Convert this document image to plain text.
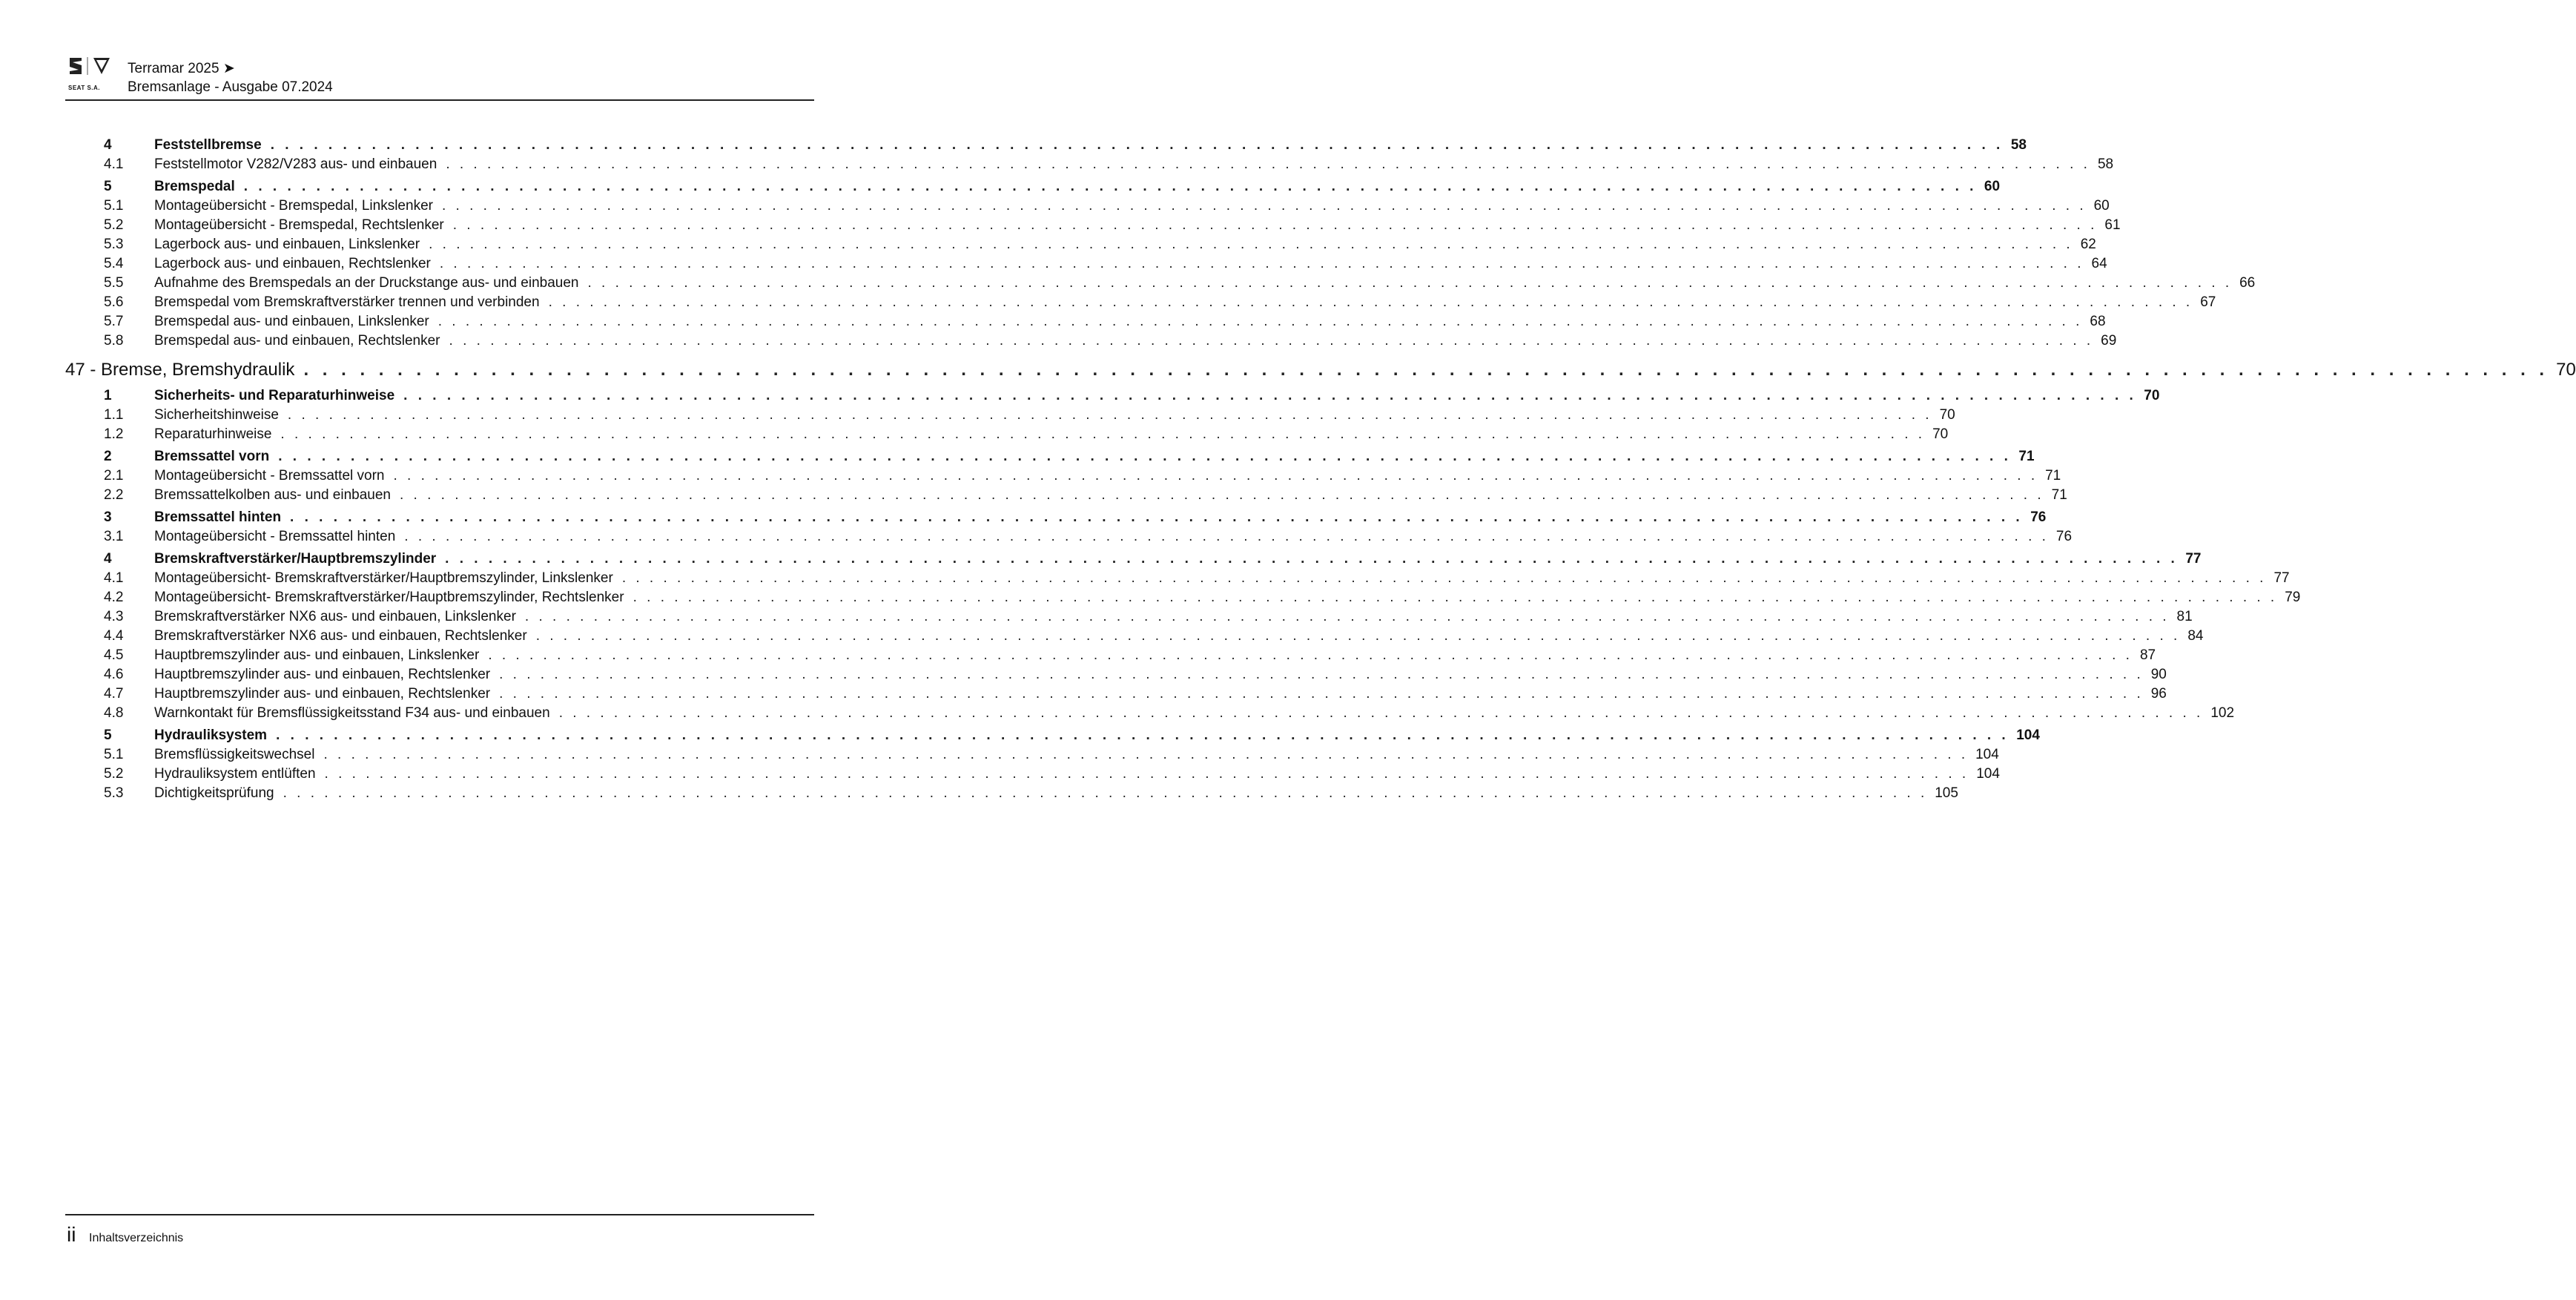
SEAT S.A.
Terramar 2025 ➤
Bremsanlage - Ausgabe 07.2024
4	Feststellbremse . . . . . . . . . . . . . . . . . . . . . . . . . . . . . . . . . . . . . . . . . . . . . . . . . . . . . . . . . . . . . . . . . . . . . . . . . . . . . . . . . . . . . . . . . . . . . . . . . . . . . . . . . . . . . . . . . . . . . . . . 58
4.1	Feststellmotor V282/V283 aus- und einbauen . . . . . . . . . . . . . . . . . . . . . . . . . . . . . . . . . . . . . . . . . . . . . . . . . . . . . . . . . . . . . . . . . . . . . . . . . . . . . . . . . . . . . . . . . . . . . . . . . . . . . . . . . . . . . . . . . . . . . . . . 58
5	Bremspedal . . . . . . . . . . . . . . . . . . . . . . . . . . . . . . . . . . . . . . . . . . . . . . . . . . . . . . . . . . . . . . . . . . . . . . . . . . . . . . . . . . . . . . . . . . . . . . . . . . . . . . . . . . . . . . . . . . . . . . . . 60
5.1	Montageübersicht - Bremspedal, Linkslenker . . . . . . . . . . . . . . . . . . . . . . . . . . . . . . . . . . . . . . . . . . . . . . . . . . . . . . . . . . . . . . . . . . . . . . . . . . . . . . . . . . . . . . . . . . . . . . . . . . . . . . . . . . . . . . . . . . . . . . . . 60
5.2	Montageübersicht - Bremspedal, Rechtslenker . . . . . . . . . . . . . . . . . . . . . . . . . . . . . . . . . . . . . . . . . . . . . . . . . . . . . . . . . . . . . . . . . . . . . . . . . . . . . . . . . . . . . . . . . . . . . . . . . . . . . . . . . . . . . . . . . . . . . . . . 61
5.3	Lagerbock aus- und einbauen, Linkslenker . . . . . . . . . . . . . . . . . . . . . . . . . . . . . . . . . . . . . . . . . . . . . . . . . . . . . . . . . . . . . . . . . . . . . . . . . . . . . . . . . . . . . . . . . . . . . . . . . . . . . . . . . . . . . . . . . . . . . . . . 62
5.4	Lagerbock aus- und einbauen, Rechtslenker . . . . . . . . . . . . . . . . . . . . . . . . . . . . . . . . . . . . . . . . . . . . . . . . . . . . . . . . . . . . . . . . . . . . . . . . . . . . . . . . . . . . . . . . . . . . . . . . . . . . . . . . . . . . . . . . . . . . . . . . 64
5.5	Aufnahme des Bremspedals an der Druckstange aus- und einbauen . . . . . . . . . . . . . . . . . . . . . . . . . . . . . . . . . . . . . . . . . . . . . . . . . . . . . . . . . . . . . . . . . . . . . . . . . . . . . . . . . . . . . . . . . . . . . . . . . . . . . . . . . . . . . . . . . . . . . . . . 66
5.6	Bremspedal vom Bremskraftverstärker trennen und verbinden . . . . . . . . . . . . . . . . . . . . . . . . . . . . . . . . . . . . . . . . . . . . . . . . . . . . . . . . . . . . . . . . . . . . . . . . . . . . . . . . . . . . . . . . . . . . . . . . . . . . . . . . . . . . . . . . . . . . . . . . 67
5.7	Bremspedal aus- und einbauen, Linkslenker . . . . . . . . . . . . . . . . . . . . . . . . . . . . . . . . . . . . . . . . . . . . . . . . . . . . . . . . . . . . . . . . . . . . . . . . . . . . . . . . . . . . . . . . . . . . . . . . . . . . . . . . . . . . . . . . . . . . . . . . 68
5.8	Bremspedal aus- und einbauen, Rechtslenker . . . . . . . . . . . . . . . . . . . . . . . . . . . . . . . . . . . . . . . . . . . . . . . . . . . . . . . . . . . . . . . . . . . . . . . . . . . . . . . . . . . . . . . . . . . . . . . . . . . . . . . . . . . . . . . . . . . . . . . . 69
47 - Bremse, Bremshydraulik . . . . . . . . . . . . . . . . . . . . . . . . . . . . . . . . . . . . . . . . . . . . . . . . . . . . . . . . . . . . . . . . . . . . . . . . . . . . . . . . . . . . . . . . . . . . . . . . . . . . . . . . . . . . . . . . . . . . . . . . 70
1	Sicherheits- und Reparaturhinweise . . . . . . . . . . . . . . . . . . . . . . . . . . . . . . . . . . . . . . . . . . . . . . . . . . . . . . . . . . . . . . . . . . . . . . . . . . . . . . . . . . . . . . . . . . . . . . . . . . . . . . . . . . . . . . . . . . . . . . . . 70
1.1	Sicherheitshinweise . . . . . . . . . . . . . . . . . . . . . . . . . . . . . . . . . . . . . . . . . . . . . . . . . . . . . . . . . . . . . . . . . . . . . . . . . . . . . . . . . . . . . . . . . . . . . . . . . . . . . . . . . . . . . . . . . . . . . . . . 70
1.2	Reparaturhinweise . . . . . . . . . . . . . . . . . . . . . . . . . . . . . . . . . . . . . . . . . . . . . . . . . . . . . . . . . . . . . . . . . . . . . . . . . . . . . . . . . . . . . . . . . . . . . . . . . . . . . . . . . . . . . . . . . . . . . . . . 70
2	Bremssattel vorn . . . . . . . . . . . . . . . . . . . . . . . . . . . . . . . . . . . . . . . . . . . . . . . . . . . . . . . . . . . . . . . . . . . . . . . . . . . . . . . . . . . . . . . . . . . . . . . . . . . . . . . . . . . . . . . . . . . . . . . . 71
2.1	Montageübersicht - Bremssattel vorn . . . . . . . . . . . . . . . . . . . . . . . . . . . . . . . . . . . . . . . . . . . . . . . . . . . . . . . . . . . . . . . . . . . . . . . . . . . . . . . . . . . . . . . . . . . . . . . . . . . . . . . . . . . . . . . . . . . . . . . . 71
2.2	Bremssattelkolben aus- und einbauen . . . . . . . . . . . . . . . . . . . . . . . . . . . . . . . . . . . . . . . . . . . . . . . . . . . . . . . . . . . . . . . . . . . . . . . . . . . . . . . . . . . . . . . . . . . . . . . . . . . . . . . . . . . . . . . . . . . . . . . . 71
3	Bremssattel hinten . . . . . . . . . . . . . . . . . . . . . . . . . . . . . . . . . . . . . . . . . . . . . . . . . . . . . . . . . . . . . . . . . . . . . . . . . . . . . . . . . . . . . . . . . . . . . . . . . . . . . . . . . . . . . . . . . . . . . . . . 76
3.1	Montageübersicht - Bremssattel hinten . . . . . . . . . . . . . . . . . . . . . . . . . . . . . . . . . . . . . . . . . . . . . . . . . . . . . . . . . . . . . . . . . . . . . . . . . . . . . . . . . . . . . . . . . . . . . . . . . . . . . . . . . . . . . . . . . . . . . . . . 76
4	Bremskraftverstärker/Hauptbremszylinder . . . . . . . . . . . . . . . . . . . . . . . . . . . . . . . . . . . . . . . . . . . . . . . . . . . . . . . . . . . . . . . . . . . . . . . . . . . . . . . . . . . . . . . . . . . . . . . . . . . . . . . . . . . . . . . . . . . . . . . . 77
4.1	Montageübersicht- Bremskraftverstärker/Hauptbremszylinder, Linkslenker . . . . . . . . . . . . . . . . . . . . . . . . . . . . . . . . . . . . . . . . . . . . . . . . . . . . . . . . . . . . . . . . . . . . . . . . . . . . . . . . . . . . . . . . . . . . . . . . . . . . . . . . . . . . . . . . . . . . . . . . 77
4.2	Montageübersicht- Bremskraftverstärker/Hauptbremszylinder, Rechtslenker . . . . . . . . . . . . . . . . . . . . . . . . . . . . . . . . . . . . . . . . . . . . . . . . . . . . . . . . . . . . . . . . . . . . . . . . . . . . . . . . . . . . . . . . . . . . . . . . . . . . . . . . . . . . . . . . . . . . . . . . 79
4.3	Bremskraftverstärker NX6 aus- und einbauen, Linkslenker . . . . . . . . . . . . . . . . . . . . . . . . . . . . . . . . . . . . . . . . . . . . . . . . . . . . . . . . . . . . . . . . . . . . . . . . . . . . . . . . . . . . . . . . . . . . . . . . . . . . . . . . . . . . . . . . . . . . . . . . 81
4.4	Bremskraftverstärker NX6 aus- und einbauen, Rechtslenker . . . . . . . . . . . . . . . . . . . . . . . . . . . . . . . . . . . . . . . . . . . . . . . . . . . . . . . . . . . . . . . . . . . . . . . . . . . . . . . . . . . . . . . . . . . . . . . . . . . . . . . . . . . . . . . . . . . . . . . . 84
4.5	Hauptbremszylinder aus- und einbauen, Linkslenker . . . . . . . . . . . . . . . . . . . . . . . . . . . . . . . . . . . . . . . . . . . . . . . . . . . . . . . . . . . . . . . . . . . . . . . . . . . . . . . . . . . . . . . . . . . . . . . . . . . . . . . . . . . . . . . . . . . . . . . . 87
4.6	Hauptbremszylinder aus- und einbauen, Rechtslenker . . . . . . . . . . . . . . . . . . . . . . . . . . . . . . . . . . . . . . . . . . . . . . . . . . . . . . . . . . . . . . . . . . . . . . . . . . . . . . . . . . . . . . . . . . . . . . . . . . . . . . . . . . . . . . . . . . . . . . . . 90
4.7	Hauptbremszylinder aus- und einbauen, Rechtslenker . . . . . . . . . . . . . . . . . . . . . . . . . . . . . . . . . . . . . . . . . . . . . . . . . . . . . . . . . . . . . . . . . . . . . . . . . . . . . . . . . . . . . . . . . . . . . . . . . . . . . . . . . . . . . . . . . . . . . . . . 96
4.8	Warnkontakt für Bremsflüssigkeitsstand F34 aus- und einbauen . . . . . . . . . . . . . . . . . . . . . . . . . . . . . . . . . . . . . . . . . . . . . . . . . . . . . . . . . . . . . . . . . . . . . . . . . . . . . . . . . . . . . . . . . . . . . . . . . . . . . . . . . . . . . . . . . . . . . . . . 102
5	Hydrauliksystem . . . . . . . . . . . . . . . . . . . . . . . . . . . . . . . . . . . . . . . . . . . . . . . . . . . . . . . . . . . . . . . . . . . . . . . . . . . . . . . . . . . . . . . . . . . . . . . . . . . . . . . . . . . . . . . . . . . . . . . . 104
5.1	Bremsflüssigkeitswechsel . . . . . . . . . . . . . . . . . . . . . . . . . . . . . . . . . . . . . . . . . . . . . . . . . . . . . . . . . . . . . . . . . . . . . . . . . . . . . . . . . . . . . . . . . . . . . . . . . . . . . . . . . . . . . . . . . . . . . . . . 104
5.2	Hydrauliksystem entlüften . . . . . . . . . . . . . . . . . . . . . . . . . . . . . . . . . . . . . . . . . . . . . . . . . . . . . . . . . . . . . . . . . . . . . . . . . . . . . . . . . . . . . . . . . . . . . . . . . . . . . . . . . . . . . . . . . . . . . . . . 104
5.3	Dichtigkeitsprüfung . . . . . . . . . . . . . . . . . . . . . . . . . . . . . . . . . . . . . . . . . . . . . . . . . . . . . . . . . . . . . . . . . . . . . . . . . . . . . . . . . . . . . . . . . . . . . . . . . . . . . . . . . . . . . . . . . . . . . . . . 105
ii Inhaltsverzeichnis
